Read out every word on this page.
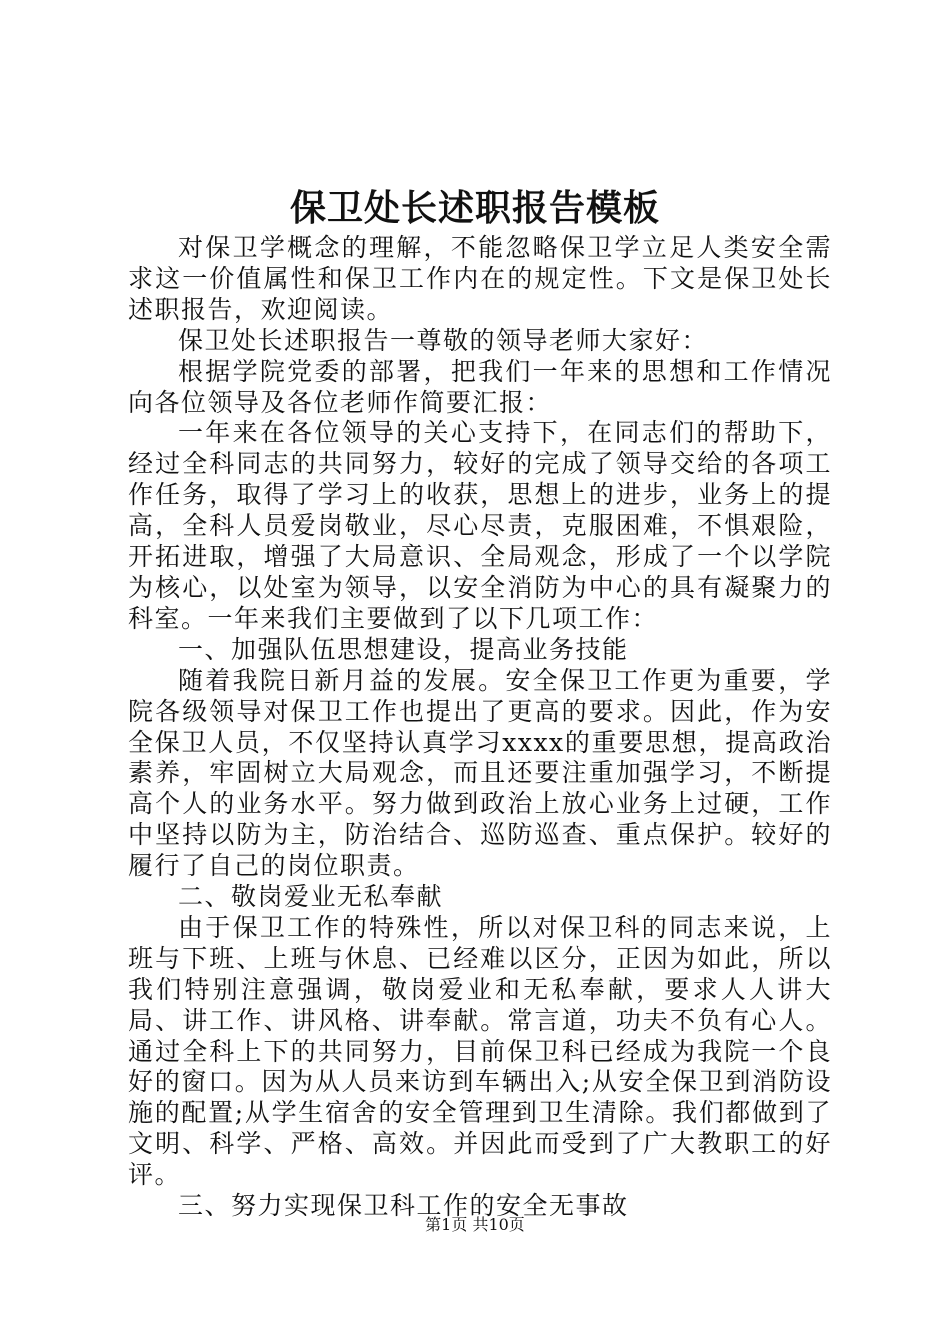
保卫处长述职报告模板

对保卫学概念的理解，不能忽略保卫学立足人类安全需求这一价值属性和保卫工作内在的规定性。下文是保卫处长述职报告，欢迎阅读。

保卫处长述职报告一尊敬的领导老师大家好：

根据学院党委的部署，把我们一年来的思想和工作情况向各位领导及各位老师作简要汇报：

一年来在各位领导的关心支持下，在同志们的帮助下，经过全科同志的共同努力，较好的完成了领导交给的各项工作任务，取得了学习上的收获，思想上的进步，业务上的提高，全科人员爱岗敬业，尽心尽责，克服困难，不惧艰险，开拓进取，增强了大局意识、全局观念，形成了一个以学院为核心，以处室为领导，以安全消防为中心的具有凝聚力的科室。一年来我们主要做到了以下几项工作：

一、加强队伍思想建设，提高业务技能

随着我院日新月益的发展。安全保卫工作更为重要，学院各级领导对保卫工作也提出了更高的要求。因此，作为安全保卫人员，不仅坚持认真学习xxxx的重要思想，提高政治素养，牢固树立大局观念，而且还要注重加强学习，不断提高个人的业务水平。努力做到政治上放心业务上过硬，工作中坚持以防为主，防治结合、巡防巡查、重点保护。较好的履行了自己的岗位职责。

二、敬岗爱业无私奉献

由于保卫工作的特殊性，所以对保卫科的同志来说，上班与下班、上班与休息、已经难以区分，正因为如此，所以我们特别注意强调，敬岗爱业和无私奉献，要求人人讲大局、讲工作、讲风格、讲奉献。常言道，功夫不负有心人。通过全科上下的共同努力，目前保卫科已经成为我院一个良好的窗口。因为从人员来访到车辆出入;从安全保卫到消防设施的配置;从学生宿舍的安全管理到卫生清除。我们都做到了文明、科学、严格、高效。并因此而受到了广大教职工的好评。

三、努力实现保卫科工作的安全无事故

第1页 共10页
